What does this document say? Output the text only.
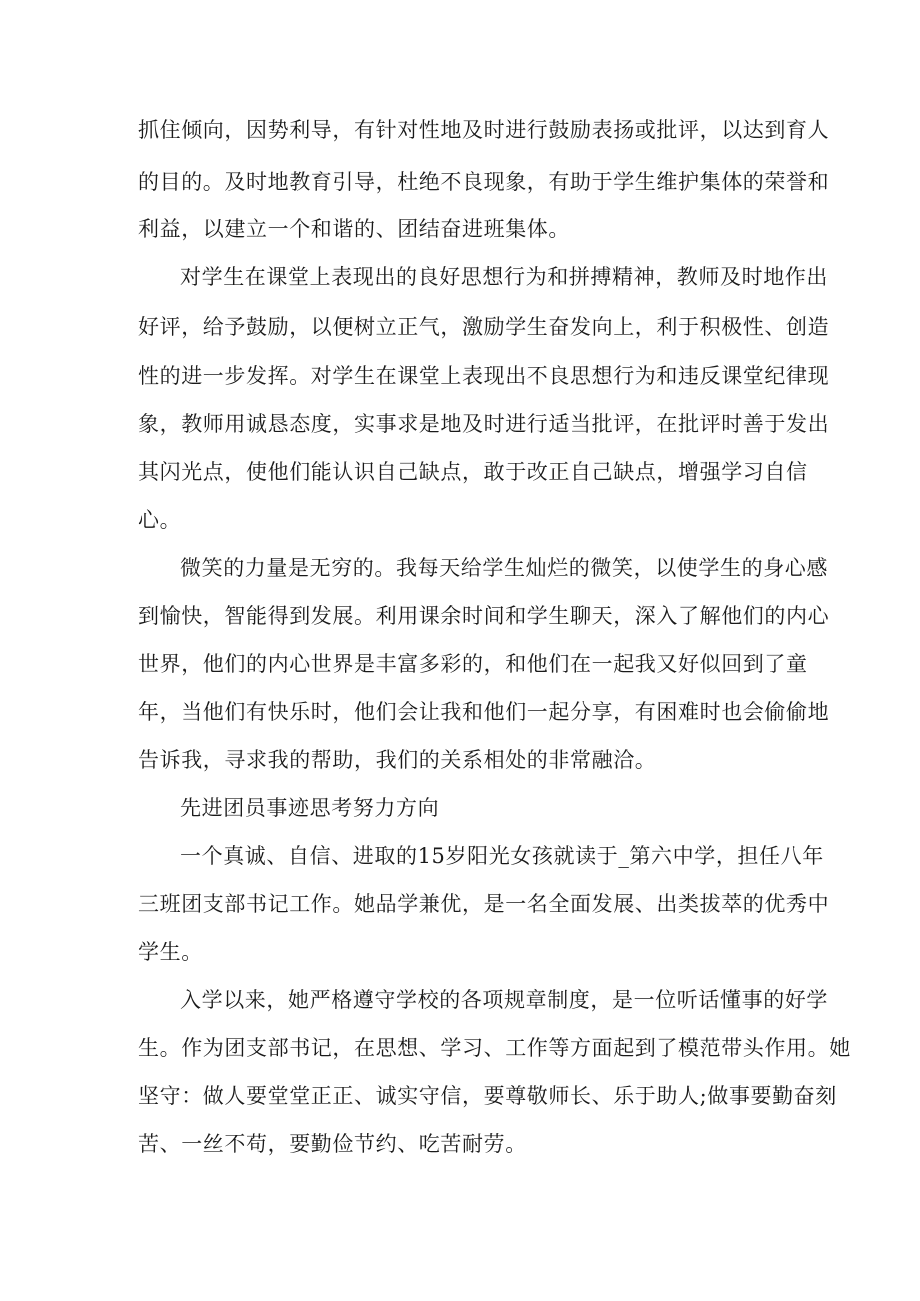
抓住倾向，因势利导，有针对性地及时进行鼓励表扬或批评，以达到育人
的目的。及时地教育引导，杜绝不良现象，有助于学生维护集体的荣誉和
利益，以建立一个和谐的、团结奋进班集体。
对学生在课堂上表现出的良好思想行为和拼搏精神，教师及时地作出
好评，给予鼓励，以便树立正气，激励学生奋发向上，利于积极性、创造
性的进一步发挥。对学生在课堂上表现出不良思想行为和违反课堂纪律现
象，教师用诚恳态度，实事求是地及时进行适当批评，在批评时善于发出
其闪光点，使他们能认识自己缺点，敢于改正自己缺点，增强学习自信
心。
微笑的力量是无穷的。我每天给学生灿烂的微笑，以使学生的身心感
到愉快，智能得到发展。利用课余时间和学生聊天，深入了解他们的内心
世界，他们的内心世界是丰富多彩的，和他们在一起我又好似回到了童
年，当他们有快乐时，他们会让我和他们一起分享，有困难时也会偷偷地
告诉我，寻求我的帮助，我们的关系相处的非常融洽。
先进团员事迹思考努力方向
一个真诚、自信、进取的15岁阳光女孩就读于_第六中学，担任八年
三班团支部书记工作。她品学兼优，是一名全面发展、出类拔萃的优秀中
学生。
入学以来，她严格遵守学校的各项规章制度，是一位听话懂事的好学
生。作为团支部书记，在思想、学习、工作等方面起到了模范带头作用。她
坚守：做人要堂堂正正、诚实守信，要尊敬师长、乐于助人;做事要勤奋刻
苦、一丝不苟，要勤俭节约、吃苦耐劳。
